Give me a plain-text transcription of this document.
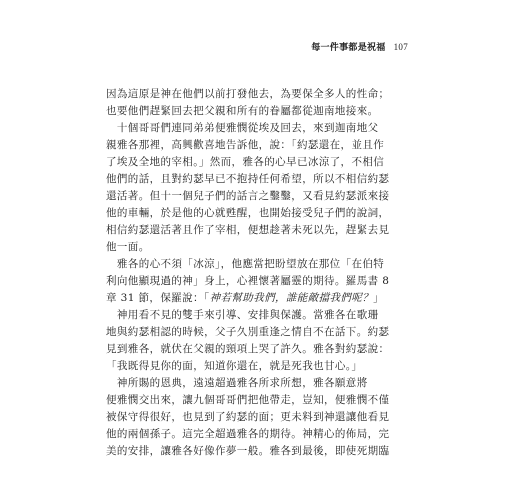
每一件事都是祝福 107
因為這原是神在他們以前打發他去，為要保全多人的性命；
也要他們趕緊回去把父親和所有的眷屬都從迦南地接來。
　十個哥哥們連同弟弟便雅憫從埃及回去，來到迦南地父
親雅各那裡，高興歡喜地告訴他，說：「約瑟還在，並且作
了埃及全地的宰相。」然而，雅各的心早已冰涼了，不相信
他們的話，且對約瑟早已不抱持任何希望，所以不相信約瑟
還活著。但十一個兒子們的話言之鑿鑿，又看見約瑟派來接
他的車輛，於是他的心就甦醒，也開始接受兒子們的說詞，
相信約瑟還活著且作了宰相，便想趁著未死以先，趕緊去見
他一面。
　雅各的心不須「冰涼」，他應當把盼望放在那位「在伯特
利向他顯現過的神」身上，心裡懷著屬靈的期待。羅馬書 8
章 31 節，保羅說：「神若幫助我們，誰能敵擋我們呢？」
　神用看不見的雙手來引導、安排與保護。當雅各在歌珊
地與約瑟相認的時候，父子久別重逢之情自不在話下。約瑟
見到雅各，就伏在父親的頸項上哭了許久。雅各對約瑟說：
「我既得見你的面，知道你還在，就是死我也甘心。」
　神所賜的恩典，遠遠超過雅各所求所想，雅各願意將
便雅憫交出來，讓九個哥哥們把他帶走，豈知，便雅憫不僅
被保守得很好，也見到了約瑟的面；更未料到神還讓他看見
他的兩個孫子。這完全超過雅各的期待。神精心的佈局，完
美的安排，讓雅各好像作夢一般。雅各到最後，即使死期臨
